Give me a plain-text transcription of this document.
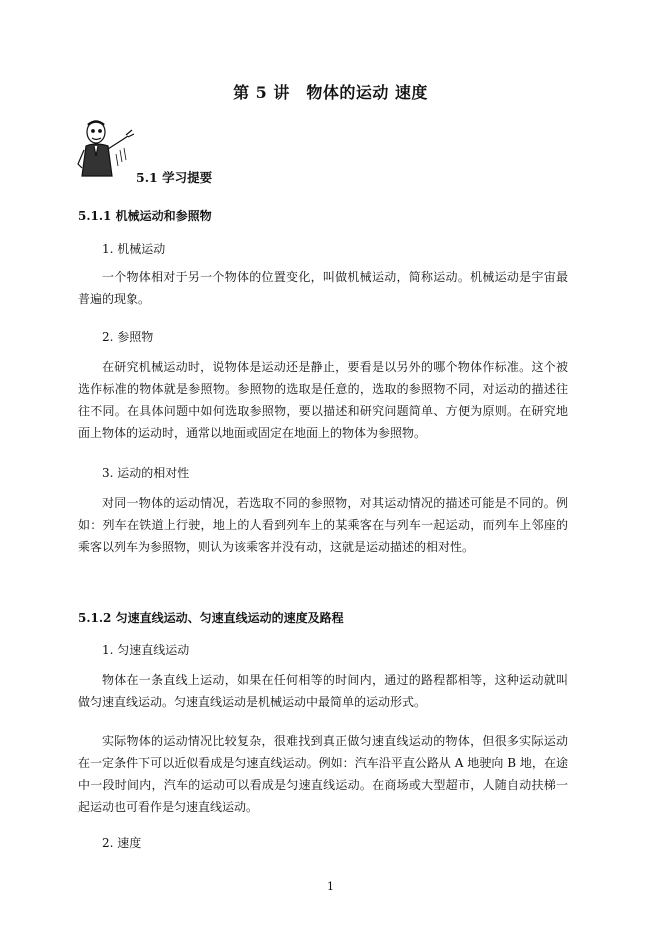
第 5 讲　物体的运动 速度
5.1 学习提要
5.1.1 机械运动和参照物
1. 机械运动
一个物体相对于另一个物体的位置变化，叫做机械运动，简称运动。机械运动是宇宙最普遍的现象。
2. 参照物
在研究机械运动时，说物体是运动还是静止，要看是以另外的哪个物体作标准。这个被选作标准的物体就是参照物。参照物的选取是任意的，选取的参照物不同，对运动的描述往往不同。在具体问题中如何选取参照物，要以描述和研究问题简单、方便为原则。在研究地面上物体的运动时，通常以地面或固定在地面上的物体为参照物。
3. 运动的相对性
对同一物体的运动情况，若选取不同的参照物，对其运动情况的描述可能是不同的。例如：列车在铁道上行驶，地上的人看到列车上的某乘客在与列车一起运动，而列车上邻座的乘客以列车为参照物，则认为该乘客并没有动，这就是运动描述的相对性。
5.1.2 匀速直线运动、匀速直线运动的速度及路程
1. 匀速直线运动
物体在一条直线上运动，如果在任何相等的时间内，通过的路程都相等，这种运动就叫做匀速直线运动。匀速直线运动是机械运动中最简单的运动形式。
实际物体的运动情况比较复杂，很难找到真正做匀速直线运动的物体，但很多实际运动在一定条件下可以近似看成是匀速直线运动。例如：汽车沿平直公路从 A 地驶向 B 地，在途中一段时间内，汽车的运动可以看成是匀速直线运动。在商场或大型超市，人随自动扶梯一起运动也可看作是匀速直线运动。
2. 速度
1
